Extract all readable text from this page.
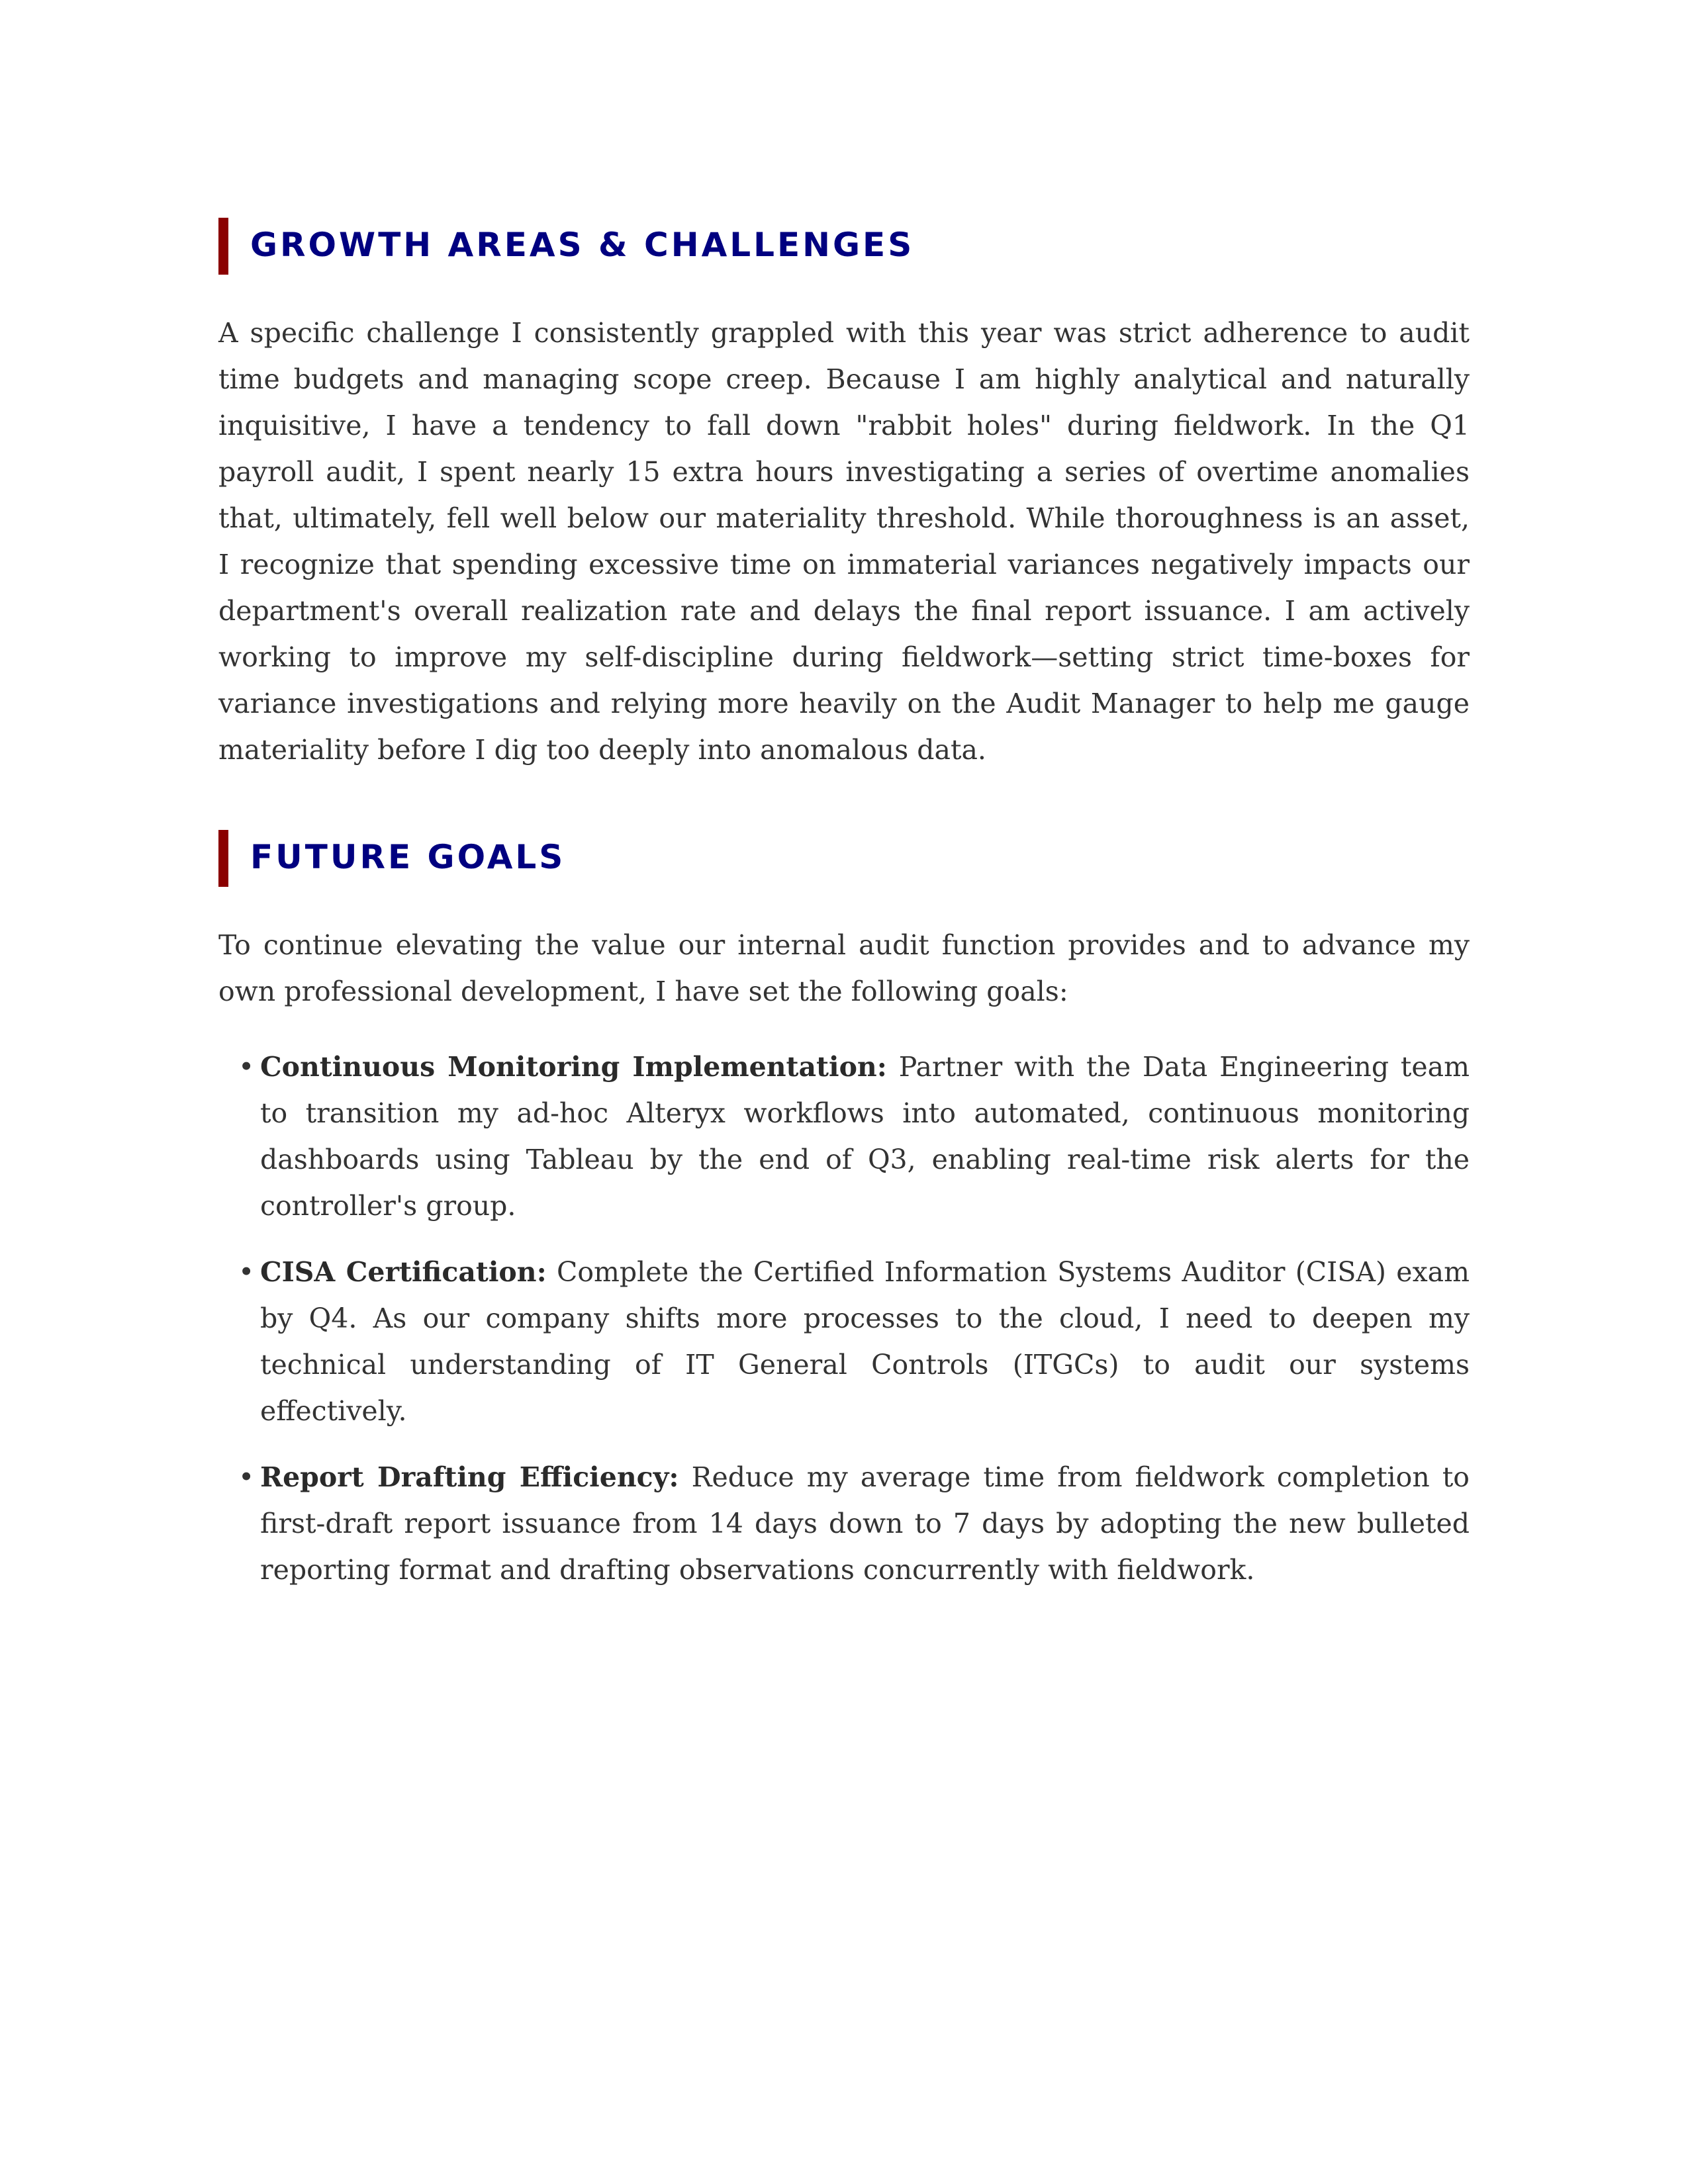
GROWTH AREAS & CHALLENGES

A specific challenge I consistently grappled with this year was strict adherence to audit time budgets and managing scope creep. Because I am highly analytical and naturally inquisitive, I have a tendency to fall down "rabbit holes" during fieldwork. In the Q1 payroll audit, I spent nearly 15 extra hours investigating a series of overtime anomalies that, ultimately, fell well below our materiality threshold. While thoroughness is an asset, I recognize that spending excessive time on immaterial variances negatively impacts our department's overall realization rate and delays the final report issuance. I am actively working to improve my self-discipline during fieldwork—setting strict time-boxes for variance investigations and relying more heavily on the Audit Manager to help me gauge materiality before I dig too deeply into anomalous data.

FUTURE GOALS

To continue elevating the value our internal audit function provides and to advance my own professional development, I have set the following goals:

• Continuous Monitoring Implementation: Partner with the Data Engineering team to transition my ad-hoc Alteryx workflows into automated, continuous monitoring dashboards using Tableau by the end of Q3, enabling real-time risk alerts for the controller's group.
• CISA Certification: Complete the Certified Information Systems Auditor (CISA) exam by Q4. As our company shifts more processes to the cloud, I need to deepen my technical understanding of IT General Controls (ITGCs) to audit our systems effectively.
• Report Drafting Efficiency: Reduce my average time from fieldwork completion to first-draft report issuance from 14 days down to 7 days by adopting the new bulleted reporting format and drafting observations concurrently with fieldwork.
